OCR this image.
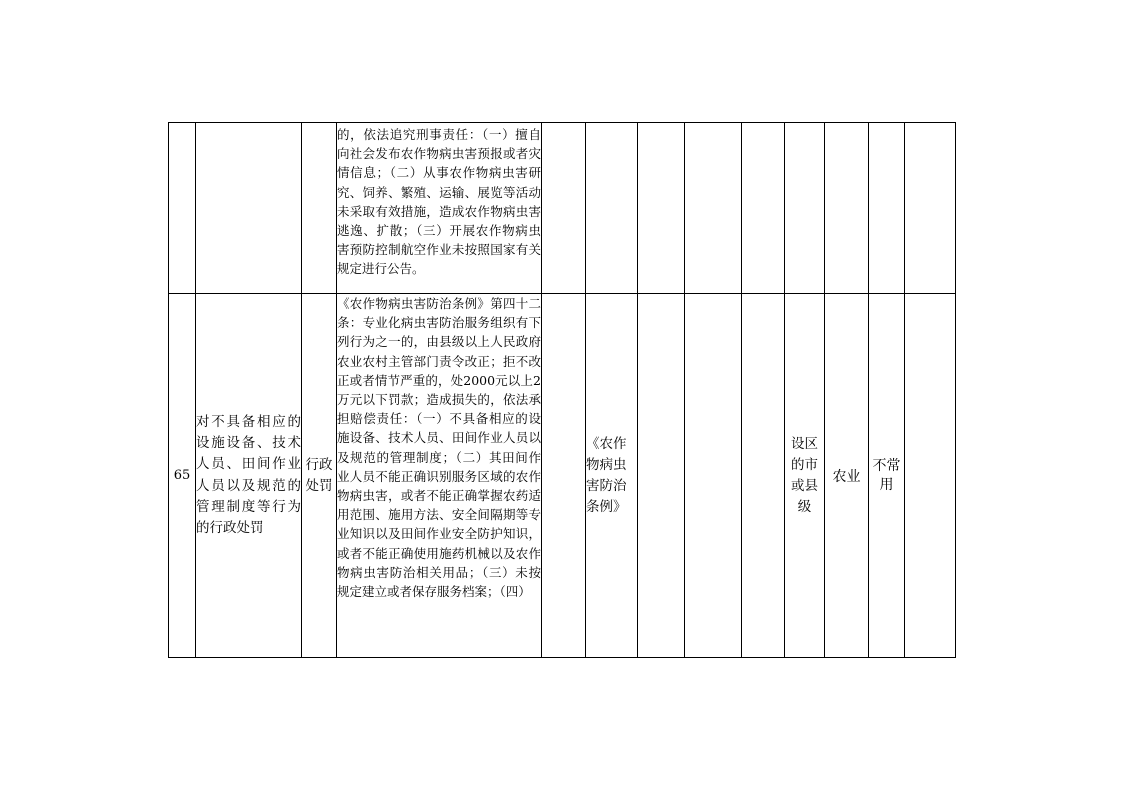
			的，依法追究刑事责任：（一）擅自向社会发布农作物病虫害预报或者灾情信息；（二）从事农作物病虫害研究、饲养、繁殖、运输、展览等活动未采取有效措施，造成农作物病虫害逃逸、扩散；（三）开展农作物病虫害预防控制航空作业未按照国家有关规定进行公告。									
65	对不具备相应的设施设备、技术人员、田间作业人员以及规范的管理制度等行为的行政处罚	行政处罚	《农作物病虫害防治条例》第四十二条：专业化病虫害防治服务组织有下列行为之一的，由县级以上人民政府农业农村主管部门责令改正；拒不改正或者情节严重的，处2000元以上2万元以下罚款；造成损失的，依法承担赔偿责任：（一）不具备相应的设施设备、技术人员、田间作业人员以及规范的管理制度；（二）其田间作业人员不能正确识别服务区域的农作物病虫害，或者不能正确掌握农药适用范围、施用方法、安全间隔期等专业知识以及田间作业安全防护知识，或者不能正确使用施药机械以及农作物病虫害防治相关用品；（三）未按规定建立或者保存服务档案；（四）		《农作物病虫害防治条例》				设区的市或县级	农业	不常用	
